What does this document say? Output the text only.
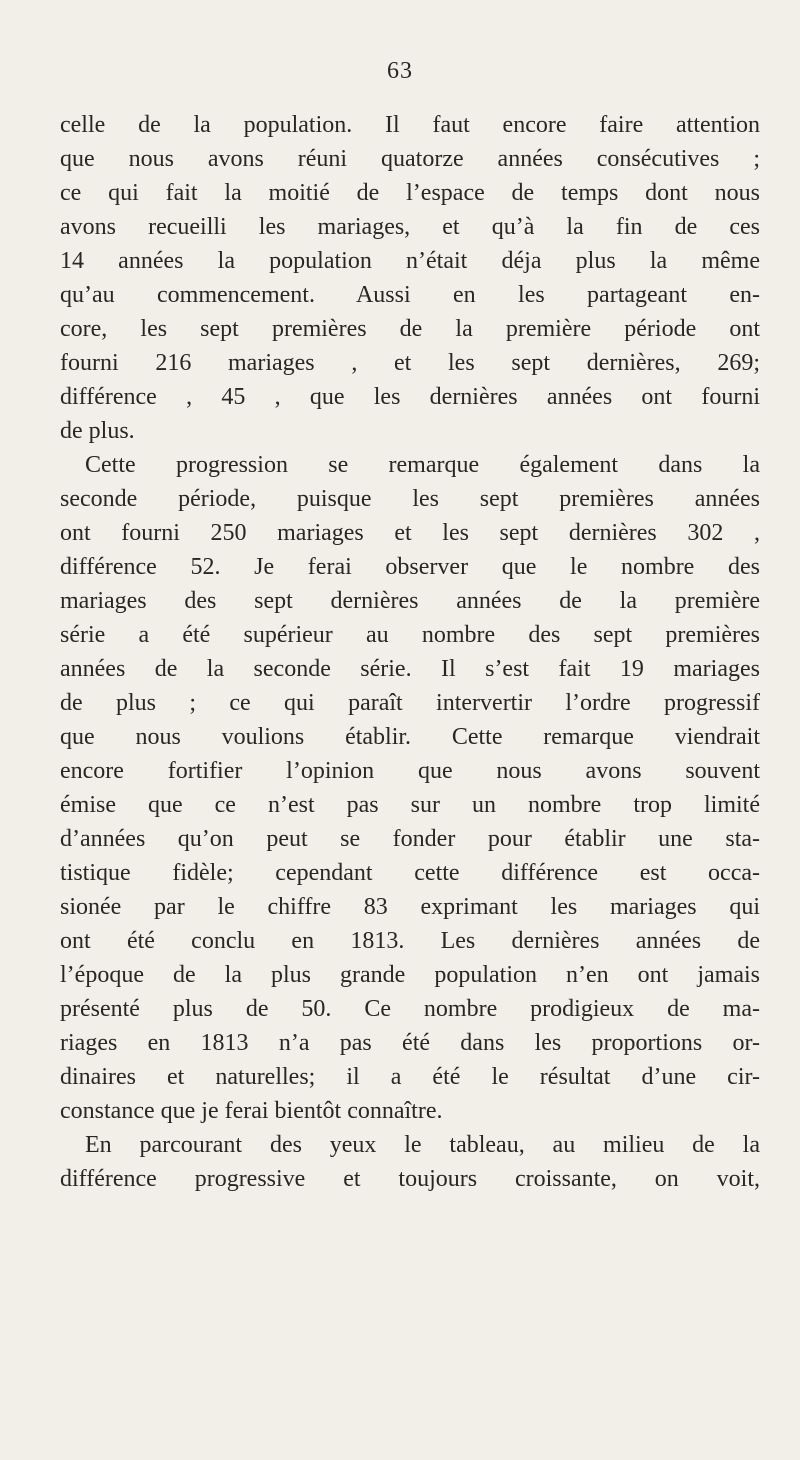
63
celle de la population. Il faut encore faire attention
que nous avons réuni quatorze années consécutives ;
ce qui fait la moitié de l’espace de temps dont nous
avons recueilli les mariages, et qu’à la fin de ces
14 années la population n’était déja plus la même
qu’au commencement. Aussi en les partageant en-
core, les sept premières de la première période ont
fourni 216 mariages , et les sept dernières, 269;
différence , 45 , que les dernières années ont fourni
de plus.
Cette progression se remarque également dans la
seconde période, puisque les sept premières années
ont fourni 250 mariages et les sept dernières 302 ,
différence 52. Je ferai observer que le nombre des
mariages des sept dernières années de la première
série a été supérieur au nombre des sept premières
années de la seconde série. Il s’est fait 19 mariages
de plus ; ce qui paraît intervertir l’ordre progressif
que nous voulions établir. Cette remarque viendrait
encore fortifier l’opinion que nous avons souvent
émise que ce n’est pas sur un nombre trop limité
d’années qu’on peut se fonder pour établir une sta-
tistique fidèle; cependant cette différence est occa-
sionée par le chiffre 83 exprimant les mariages qui
ont été conclu en 1813. Les dernières années de
l’époque de la plus grande population n’en ont jamais
présenté plus de 50. Ce nombre prodigieux de ma-
riages en 1813 n’a pas été dans les proportions or-
dinaires et naturelles; il a été le résultat d’une cir-
constance que je ferai bientôt connaître.
En parcourant des yeux le tableau, au milieu de la
différence progressive et toujours croissante, on voit,
